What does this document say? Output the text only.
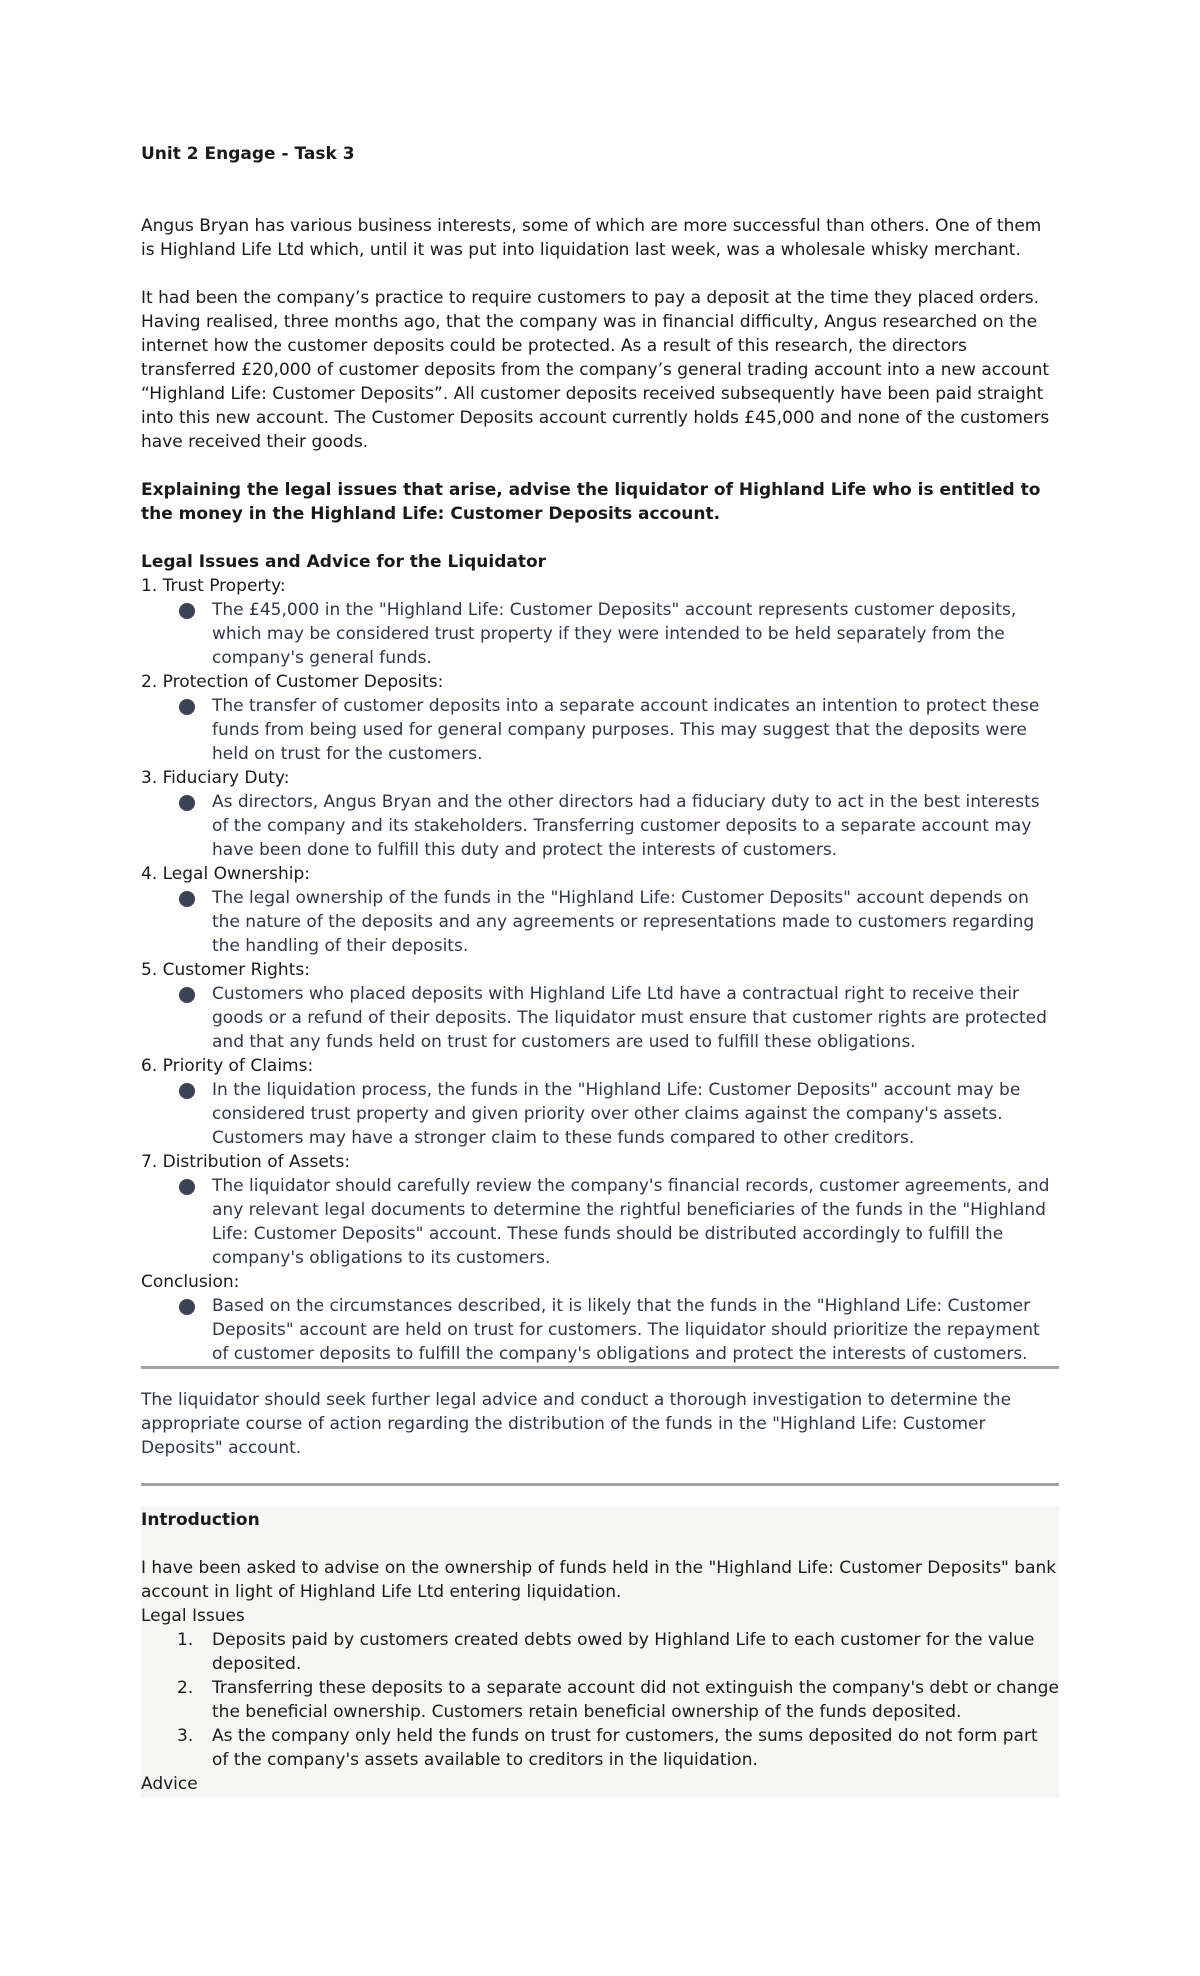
Unit 2 Engage - Task 3

Angus Bryan has various business interests, some of which are more successful than others. One of them is Highland Life Ltd which, until it was put into liquidation last week, was a wholesale whisky merchant.

It had been the company’s practice to require customers to pay a deposit at the time they placed orders. Having realised, three months ago, that the company was in financial difficulty, Angus researched on the internet how the customer deposits could be protected. As a result of this research, the directors transferred £20,000 of customer deposits from the company’s general trading account into a new account “Highland Life: Customer Deposits”. All customer deposits received subsequently have been paid straight into this new account. The Customer Deposits account currently holds £45,000 and none of the customers have received their goods.

Explaining the legal issues that arise, advise the liquidator of Highland Life who is entitled to the money in the Highland Life: Customer Deposits account.

Legal Issues and Advice for the Liquidator
1. Trust Property:
The £45,000 in the "Highland Life: Customer Deposits" account represents customer deposits, which may be considered trust property if they were intended to be held separately from the company's general funds.
2. Protection of Customer Deposits:
The transfer of customer deposits into a separate account indicates an intention to protect these funds from being used for general company purposes. This may suggest that the deposits were held on trust for the customers.
3. Fiduciary Duty:
As directors, Angus Bryan and the other directors had a fiduciary duty to act in the best interests of the company and its stakeholders. Transferring customer deposits to a separate account may have been done to fulfill this duty and protect the interests of customers.
4. Legal Ownership:
The legal ownership of the funds in the "Highland Life: Customer Deposits" account depends on the nature of the deposits and any agreements or representations made to customers regarding the handling of their deposits.
5. Customer Rights:
Customers who placed deposits with Highland Life Ltd have a contractual right to receive their goods or a refund of their deposits. The liquidator must ensure that customer rights are protected and that any funds held on trust for customers are used to fulfill these obligations.
6. Priority of Claims:
In the liquidation process, the funds in the "Highland Life: Customer Deposits" account may be considered trust property and given priority over other claims against the company's assets. Customers may have a stronger claim to these funds compared to other creditors.
7. Distribution of Assets:
The liquidator should carefully review the company's financial records, customer agreements, and any relevant legal documents to determine the rightful beneficiaries of the funds in the "Highland Life: Customer Deposits" account. These funds should be distributed accordingly to fulfill the company's obligations to its customers.
Conclusion:
Based on the circumstances described, it is likely that the funds in the "Highland Life: Customer Deposits" account are held on trust for customers. The liquidator should prioritize the repayment of customer deposits to fulfill the company's obligations and protect the interests of customers.

The liquidator should seek further legal advice and conduct a thorough investigation to determine the appropriate course of action regarding the distribution of the funds in the "Highland Life: Customer Deposits" account.

Introduction

I have been asked to advise on the ownership of funds held in the "Highland Life: Customer Deposits" bank account in light of Highland Life Ltd entering liquidation.

Legal Issues
1. Deposits paid by customers created debts owed by Highland Life to each customer for the value deposited.
2. Transferring these deposits to a separate account did not extinguish the company's debt or change the beneficial ownership. Customers retain beneficial ownership of the funds deposited.
3. As the company only held the funds on trust for customers, the sums deposited do not form part of the company's assets available to creditors in the liquidation.
Advice
